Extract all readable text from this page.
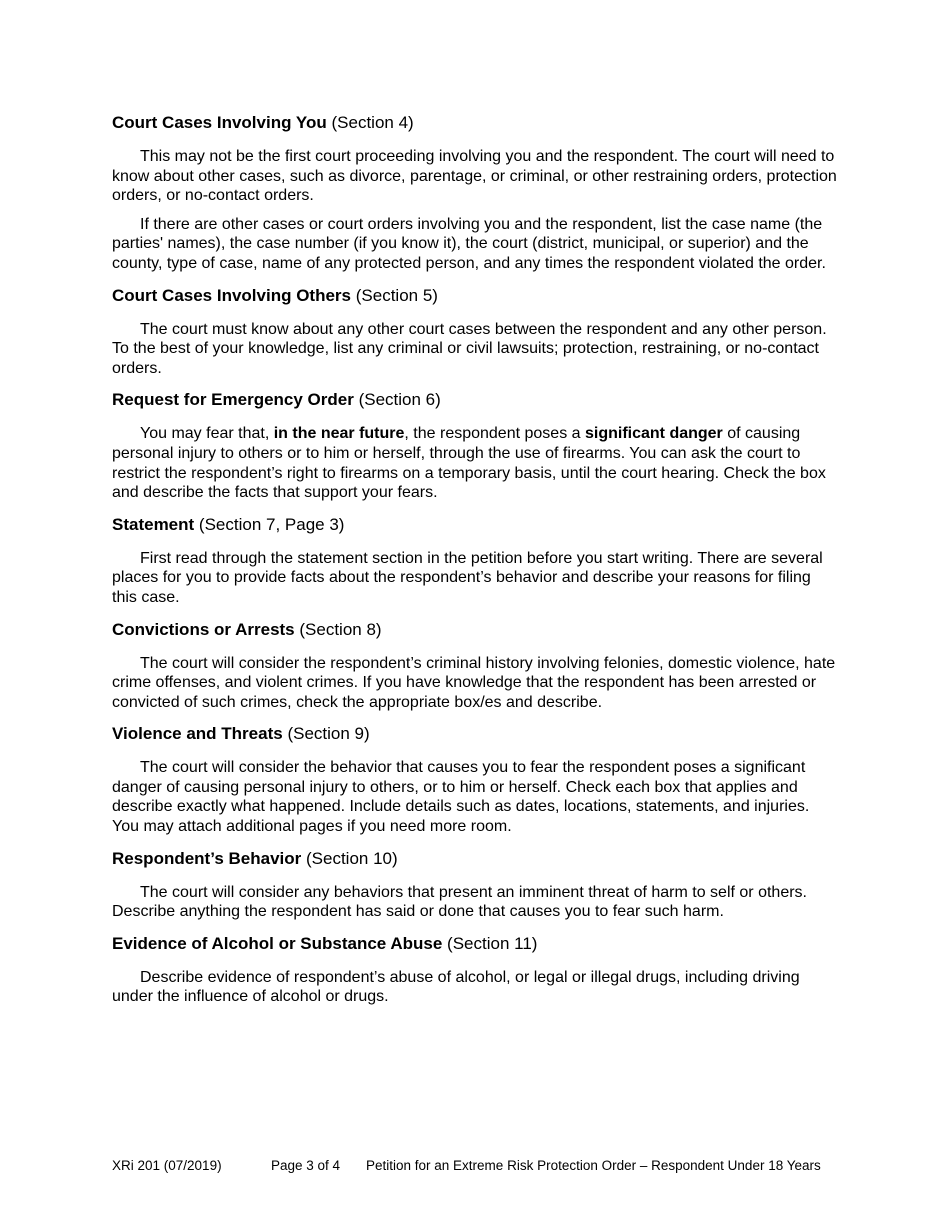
Court Cases Involving You (Section 4)

This may not be the first court proceeding involving you and the respondent. The court will need to know about other cases, such as divorce, parentage, or criminal, or other restraining orders, protection orders, or no-contact orders.

If there are other cases or court orders involving you and the respondent, list the case name (the parties' names), the case number (if you know it), the court (district, municipal, or superior) and the county, type of case, name of any protected person, and any times the respondent violated the order.

Court Cases Involving Others (Section 5)

The court must know about any other court cases between the respondent and any other person. To the best of your knowledge, list any criminal or civil lawsuits; protection, restraining, or no-contact orders.

Request for Emergency Order (Section 6)

You may fear that, in the near future, the respondent poses a significant danger of causing personal injury to others or to him or herself, through the use of firearms. You can ask the court to restrict the respondent’s right to firearms on a temporary basis, until the court hearing. Check the box and describe the facts that support your fears.

Statement (Section 7, Page 3)

First read through the statement section in the petition before you start writing. There are several places for you to provide facts about the respondent’s behavior and describe your reasons for filing this case.

Convictions or Arrests (Section 8)

The court will consider the respondent’s criminal history involving felonies, domestic violence, hate crime offenses, and violent crimes. If you have knowledge that the respondent has been arrested or convicted of such crimes, check the appropriate box/es and describe.

Violence and Threats (Section 9)

The court will consider the behavior that causes you to fear the respondent poses a significant danger of causing personal injury to others, or to him or herself. Check each box that applies and describe exactly what happened. Include details such as dates, locations, statements, and injuries. You may attach additional pages if you need more room.

Respondent’s Behavior (Section 10)

The court will consider any behaviors that present an imminent threat of harm to self or others. Describe anything the respondent has said or done that causes you to fear such harm.

Evidence of Alcohol or Substance Abuse (Section 11)

Describe evidence of respondent’s abuse of alcohol, or legal or illegal drugs, including driving under the influence of alcohol or drugs.

XRi 201 (07/2019)	Page 3 of 4 Petition for an Extreme Risk Protection Order – Respondent Under 18 Years
